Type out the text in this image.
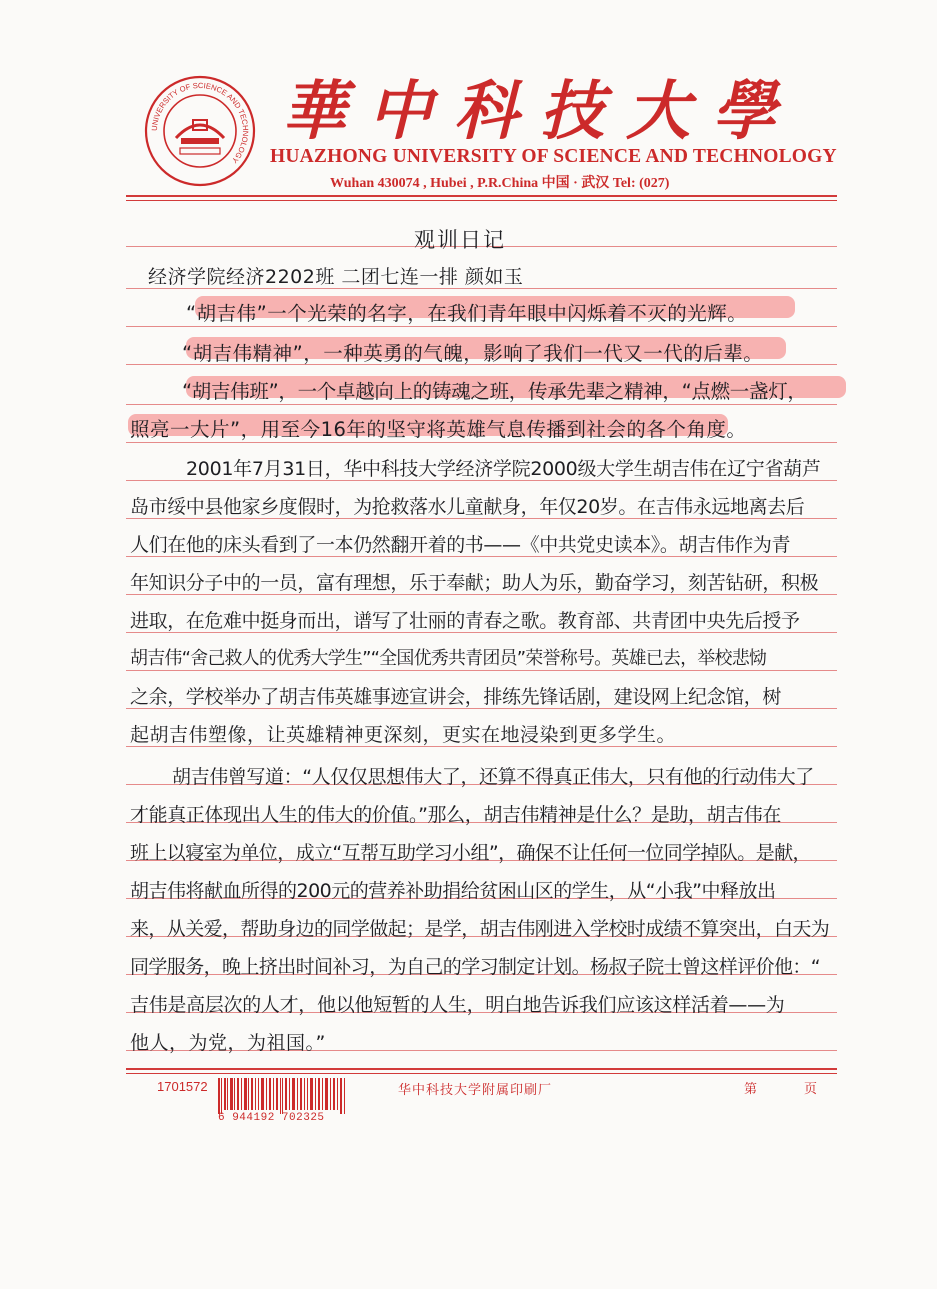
UNIVERSITY OF SCIENCE AND TECHNOLOGY
華中科技大學
HUAZHONG UNIVERSITY OF SCIENCE AND TECHNOLOGY
Wuhan 430074 , Hubei , P.R.China 中国 · 武汉 Tel: (027)
观训日记
经济学院经济2202班 二团七连一排 颜如玉
“胡吉伟”一个光荣的名字，在我们青年眼中闪烁着不灭的光辉。
“胡吉伟精神”，一种英勇的气魄，影响了我们一代又一代的后辈。
“胡吉伟班”，一个卓越向上的铸魂之班，传承先辈之精神，“点燃一盏灯，
照亮一大片”，用至今16年的坚守将英雄气息传播到社会的各个角度。
2001年7月31日，华中科技大学经济学院2000级大学生胡吉伟在辽宁省葫芦
岛市绥中县他家乡度假时，为抢救落水儿童献身，年仅20岁。在吉伟永远地离去后
人们在他的床头看到了一本仍然翻开着的书——《中共党史读本》。胡吉伟作为青
年知识分子中的一员，富有理想，乐于奉献；助人为乐，勤奋学习，刻苦钻研，积极
进取，在危难中挺身而出，谱写了壮丽的青春之歌。教育部、共青团中央先后授予
胡吉伟“舍己救人的优秀大学生”“全国优秀共青团员”荣誉称号。英雄已去，举校悲恸
之余，学校举办了胡吉伟英雄事迹宣讲会，排练先锋话剧，建设网上纪念馆，树
起胡吉伟塑像，让英雄精神更深刻，更实在地浸染到更多学生。
胡吉伟曾写道：“人仅仅思想伟大了，还算不得真正伟大，只有他的行动伟大了
才能真正体现出人生的伟大的价值。”那么，胡吉伟精神是什么？是助，胡吉伟在
班上以寝室为单位，成立“互帮互助学习小组”，确保不让任何一位同学掉队。是献，
胡吉伟将献血所得的200元的营养补助捐给贫困山区的学生，从“小我”中释放出
来，从关爱，帮助身边的同学做起；是学，胡吉伟刚进入学校时成绩不算突出，白天为
同学服务，晚上挤出时间补习，为自己的学习制定计划。杨叔子院士曾这样评价他：“
吉伟是高层次的人才，他以他短暂的人生，明白地告诉我们应该这样活着——为
他人，为党，为祖国。”
1701572
6 944192 702325
华中科技大学附属印刷厂	第	页
